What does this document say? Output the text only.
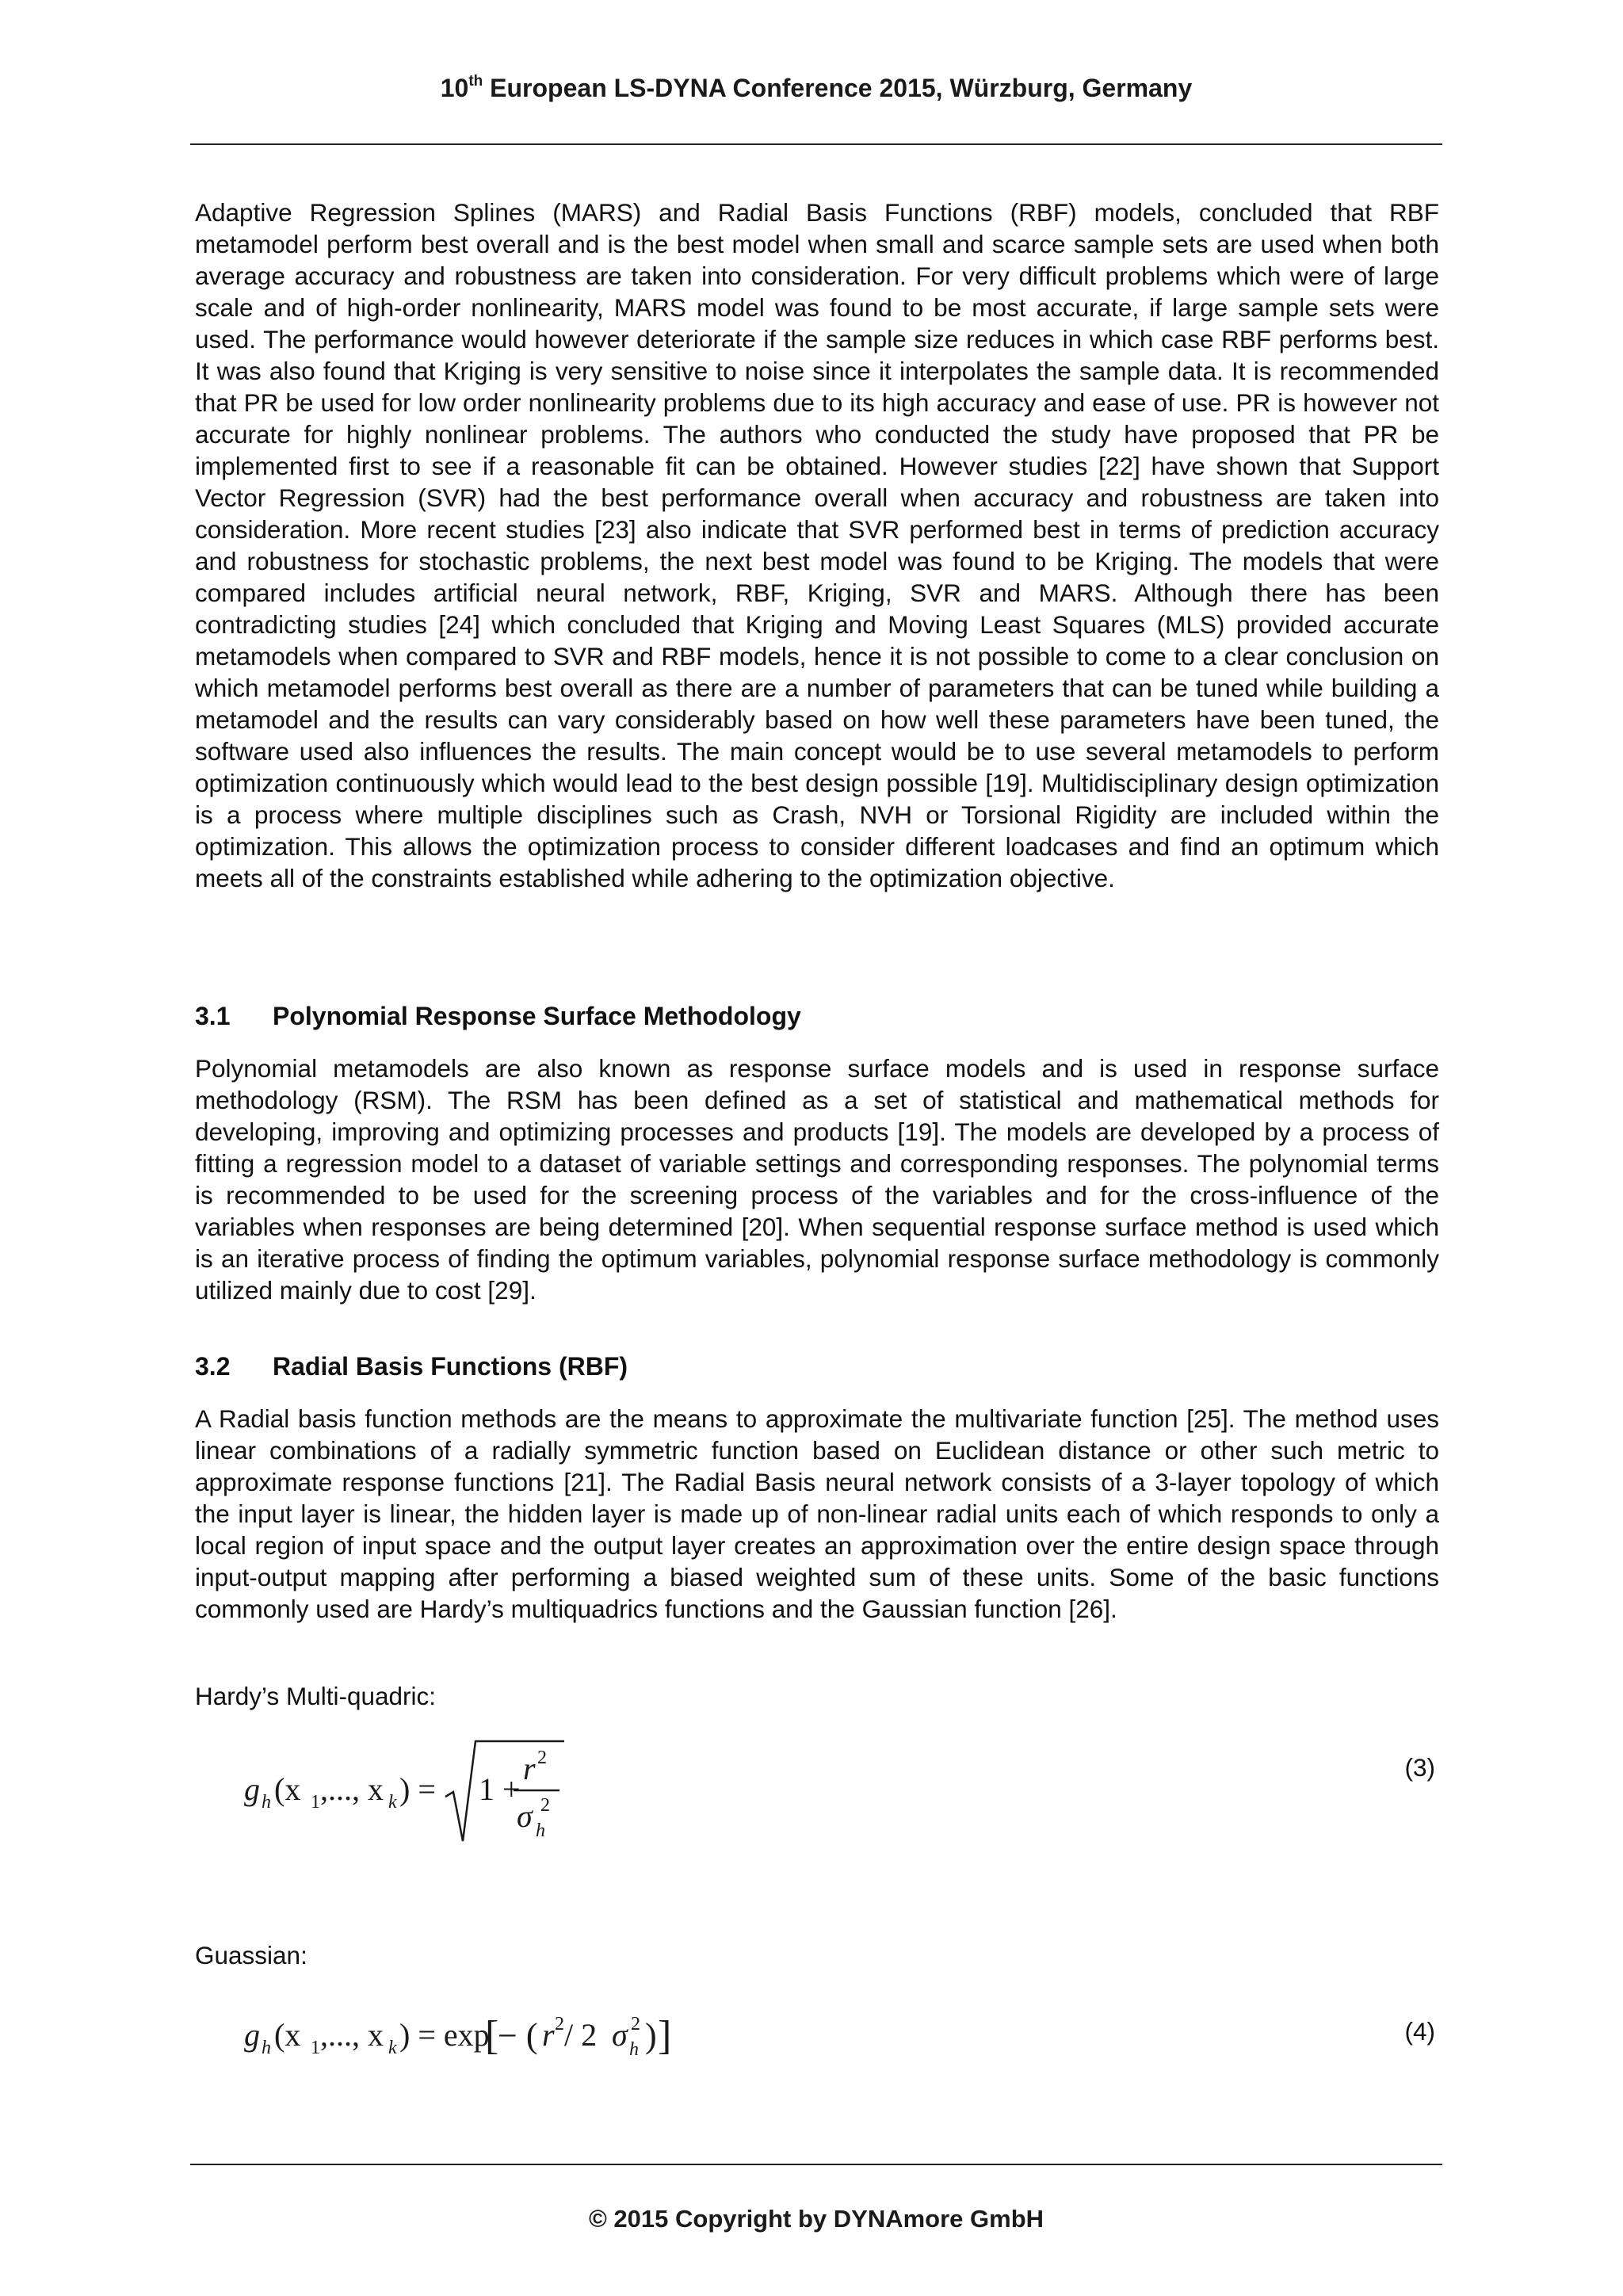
10th European LS-DYNA Conference 2015, Würzburg, Germany

Adaptive Regression Splines (MARS) and Radial Basis Functions (RBF) models, concluded that RBF metamodel perform best overall and is the best model when small and scarce sample sets are used when both average accuracy and robustness are taken into consideration. For very difficult problems which were of large scale and of high-order nonlinearity, MARS model was found to be most accurate, if large sample sets were used. The performance would however deteriorate if the sample size reduces in which case RBF performs best. It was also found that Kriging is very sensitive to noise since it interpolates the sample data. It is recommended that PR be used for low order nonlinearity problems due to its high accuracy and ease of use. PR is however not accurate for highly nonlinear problems. The authors who conducted the study have proposed that PR be implemented first to see if a reasonable fit can be obtained. However studies [22] have shown that Support Vector Regression (SVR) had the best performance overall when accuracy and robustness are taken into consideration. More recent studies [23] also indicate that SVR performed best in terms of prediction accuracy and robustness for stochastic problems, the next best model was found to be Kriging. The models that were compared includes artificial neural network, RBF, Kriging, SVR and MARS. Although there has been contradicting studies [24] which concluded that Kriging and Moving Least Squares (MLS) provided accurate metamodels when compared to SVR and RBF models, hence it is not possible to come to a clear conclusion on which metamodel performs best overall as there are a number of parameters that can be tuned while building a metamodel and the results can vary considerably based on how well these parameters have been tuned, the software used also influences the results. The main concept would be to use several metamodels to perform optimization continuously which would lead to the best design possible [19]. Multidisciplinary design optimization is a process where multiple disciplines such as Crash, NVH or Torsional Rigidity are included within the optimization. This allows the optimization process to consider different loadcases and find an optimum which meets all of the constraints established while adhering to the optimization objective.

3.1 Polynomial Response Surface Methodology

Polynomial metamodels are also known as response surface models and is used in response surface methodology (RSM). The RSM has been defined as a set of statistical and mathematical methods for developing, improving and optimizing processes and products [19]. The models are developed by a process of fitting a regression model to a dataset of variable settings and corresponding responses. The polynomial terms is recommended to be used for the screening process of the variables and for the cross-influence of the variables when responses are being determined [20]. When sequential response surface method is used which is an iterative process of finding the optimum variables, polynomial response surface methodology is commonly utilized mainly due to cost [29].

3.2 Radial Basis Functions (RBF)

A Radial basis function methods are the means to approximate the multivariate function [25]. The method uses linear combinations of a radially symmetric function based on Euclidean distance or other such metric to approximate response functions [21]. The Radial Basis neural network consists of a 3-layer topology of which the input layer is linear, the hidden layer is made up of non-linear radial units each of which responds to only a local region of input space and the output layer creates an approximation over the entire design space through input-output mapping after performing a biased weighted sum of these units. Some of the basic functions commonly used are Hardy’s multiquadrics functions and the Gaussian function [26].

Hardy’s Multi-quadric:
g h (x 1 ,..., x k ) = 1 +
r 2
σ h
2
(3)
Guassian:
g h (x 1 ,..., x k ) = exp
[
− ( r 2 / 2 σ h
2 ) ]	(4)
© 2015 Copyright by DYNAmore GmbH
